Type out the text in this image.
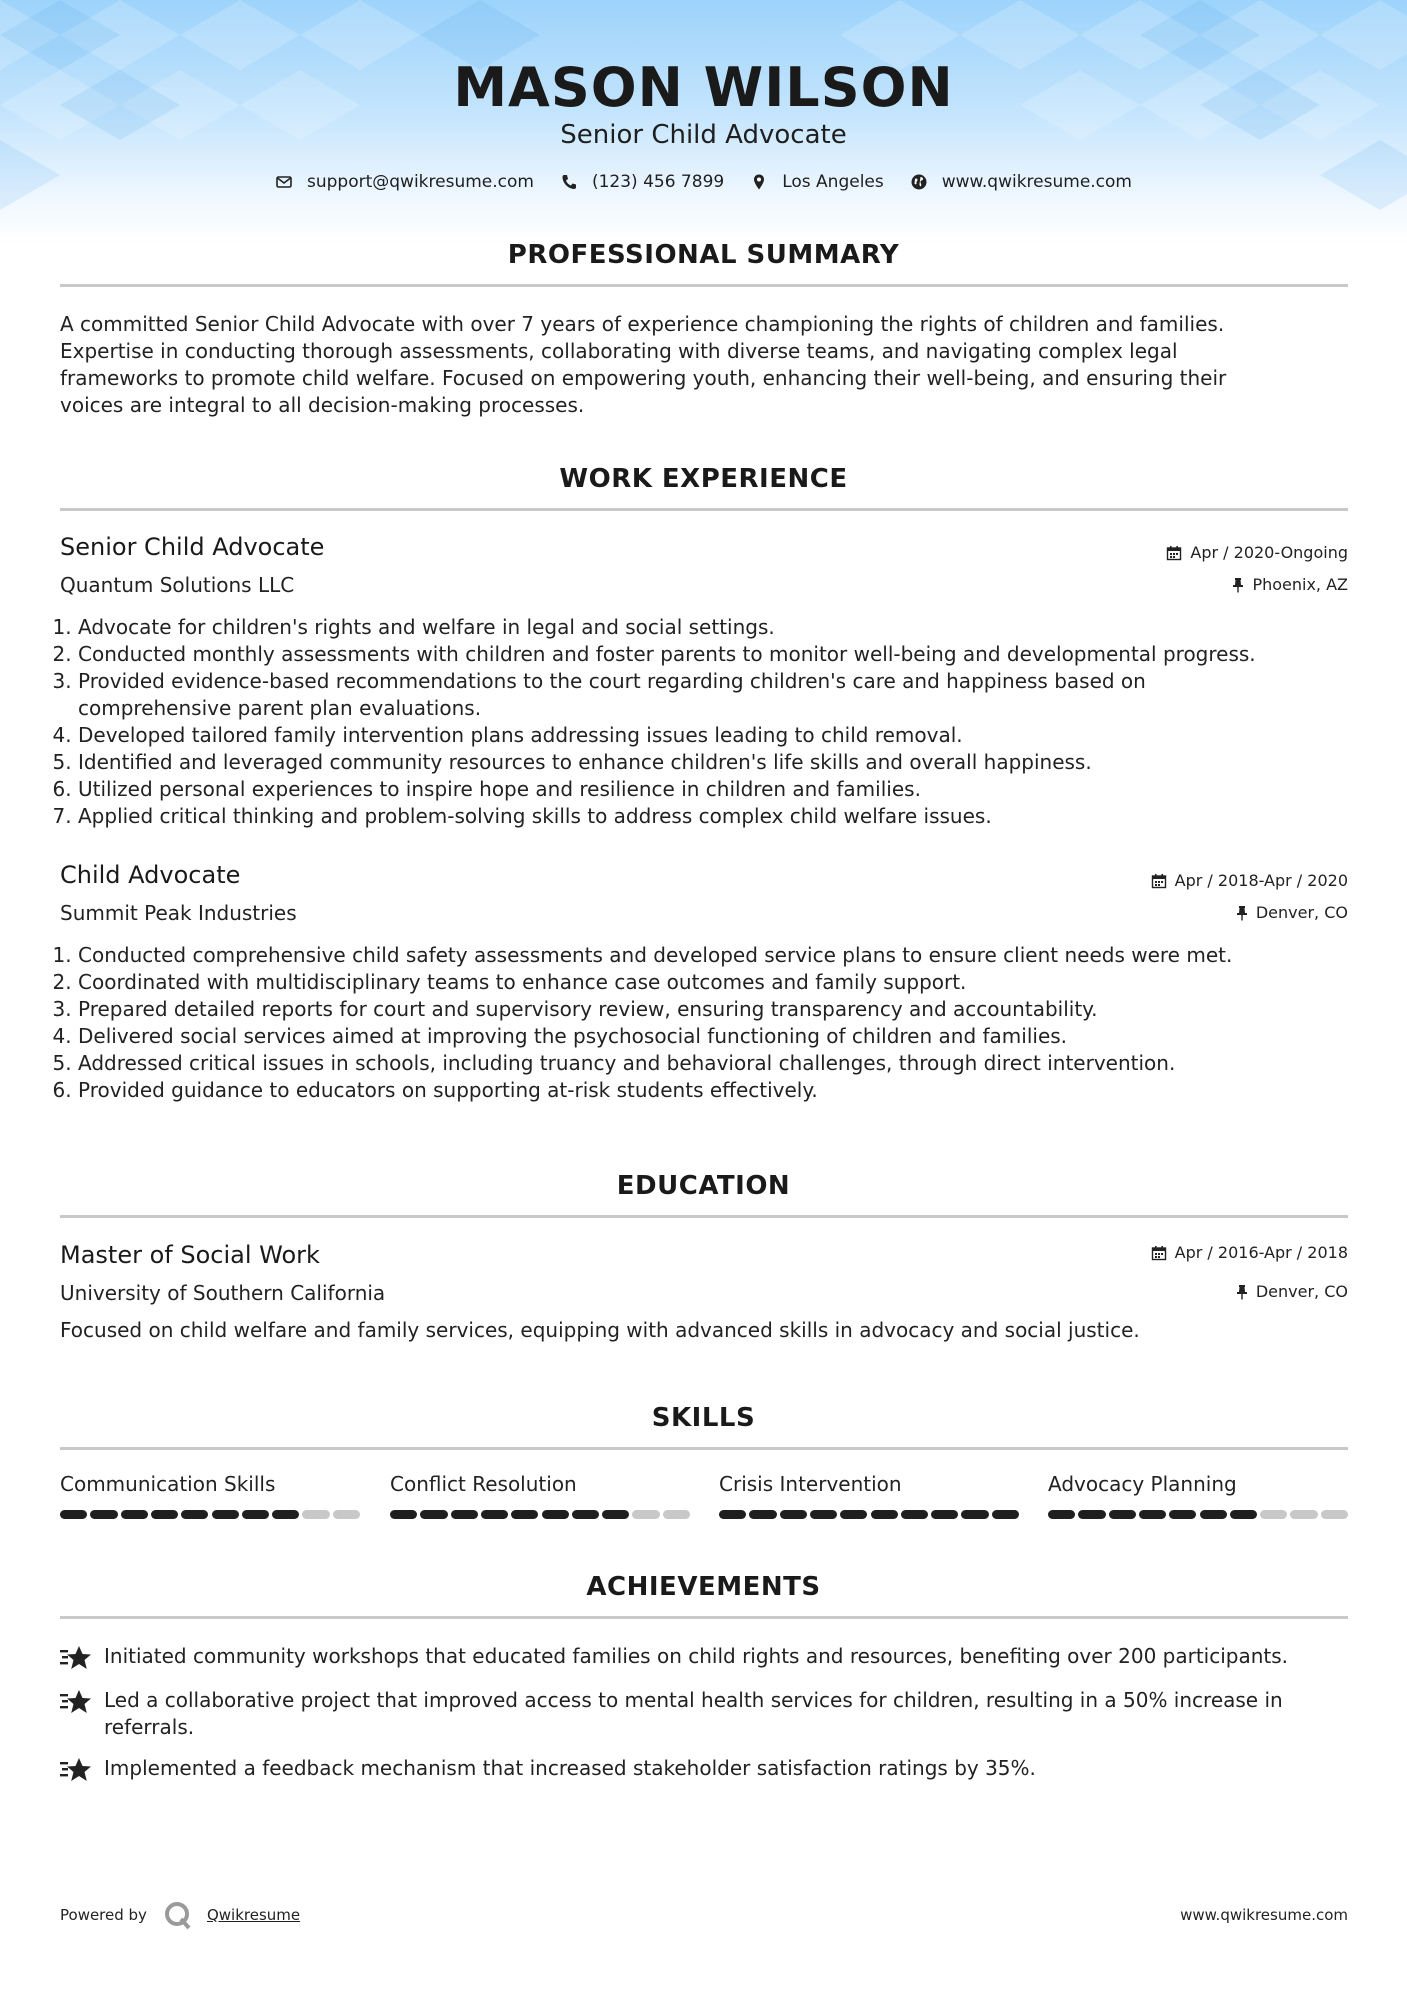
MASON WILSON
Senior Child Advocate
support@qwikresume.com	(123) 456 7899	Los Angeles	www.qwikresume.com
PROFESSIONAL SUMMARY
A committed Senior Child Advocate with over 7 years of experience championing the rights of children and families.
Expertise in conducting thorough assessments, collaborating with diverse teams, and navigating complex legal
frameworks to promote child welfare. Focused on empowering youth, enhancing their well-being, and ensuring their
voices are integral to all decision-making processes.
WORK EXPERIENCE
Senior Child Advocate	Apr / 2020-Ongoing
Quantum Solutions LLC	Phoenix, AZ
1. Advocate for children's rights and welfare in legal and social settings.
2. Conducted monthly assessments with children and foster parents to monitor well-being and developmental progress.
3. Provided evidence-based recommendations to the court regarding children's care and happiness based on comprehensive parent plan evaluations.
4. Developed tailored family intervention plans addressing issues leading to child removal.
5. Identified and leveraged community resources to enhance children's life skills and overall happiness.
6. Utilized personal experiences to inspire hope and resilience in children and families.
7. Applied critical thinking and problem-solving skills to address complex child welfare issues.
Child Advocate	Apr / 2018-Apr / 2020
Summit Peak Industries	Denver, CO
1. Conducted comprehensive child safety assessments and developed service plans to ensure client needs were met.
2. Coordinated with multidisciplinary teams to enhance case outcomes and family support.
3. Prepared detailed reports for court and supervisory review, ensuring transparency and accountability.
4. Delivered social services aimed at improving the psychosocial functioning of children and families.
5. Addressed critical issues in schools, including truancy and behavioral challenges, through direct intervention.
6. Provided guidance to educators on supporting at-risk students effectively.
EDUCATION
Master of Social Work	Apr / 2016-Apr / 2018
University of Southern California	Denver, CO
Focused on child welfare and family services, equipping with advanced skills in advocacy and social justice.
SKILLS
Communication Skills	Conflict Resolution	Crisis Intervention	Advocacy Planning
ACHIEVEMENTS
Initiated community workshops that educated families on child rights and resources, benefiting over 200 participants.
Led a collaborative project that improved access to mental health services for children, resulting in a 50% increase in referrals.
Implemented a feedback mechanism that increased stakeholder satisfaction ratings by 35%.
Powered by	Qwikresume	www.qwikresume.com
